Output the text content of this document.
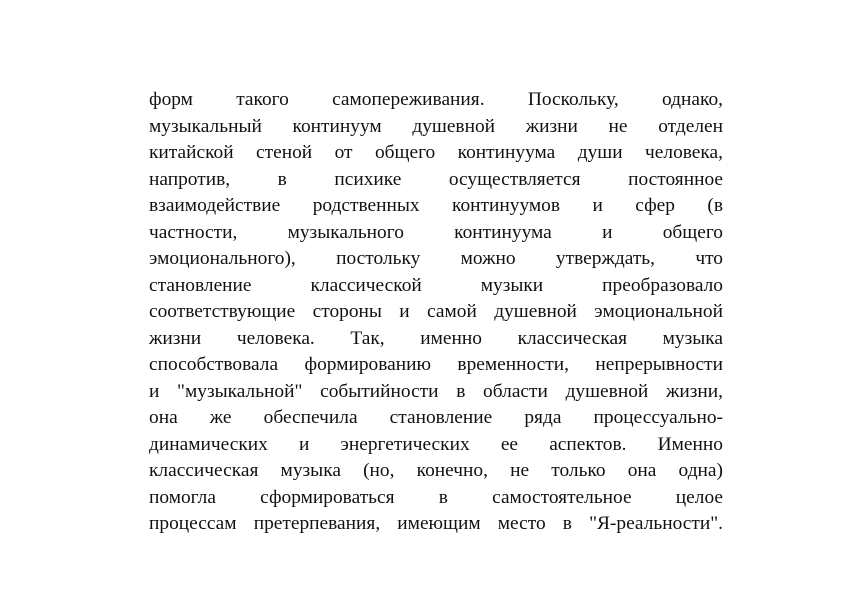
форм такого самопереживания. Поскольку, однако,
музыкальный континуум душевной жизни не отделен
китайской стеной от общего континуума души человека,
напротив, в психике осуществляется постоянное
взаимодействие родственных континуумов и сфер (в
частности, музыкального континуума и общего
эмоционального), постольку можно утверждать, что
становление классической музыки преобразовало
соответствующие стороны и самой душевной эмоциональной
жизни человека. Так, именно классическая музыка
способствовала формированию временности, непрерывности
и "музыкальной" событийности в области душевной жизни,
она же обеспечила становление ряда процессуально-
динамических и энергетических ее аспектов. Именно
классическая музыка (но, конечно, не только она одна)
помогла сформироваться в самостоятельное целое
процессам претерпевания, имеющим место в "Я-реальности".
